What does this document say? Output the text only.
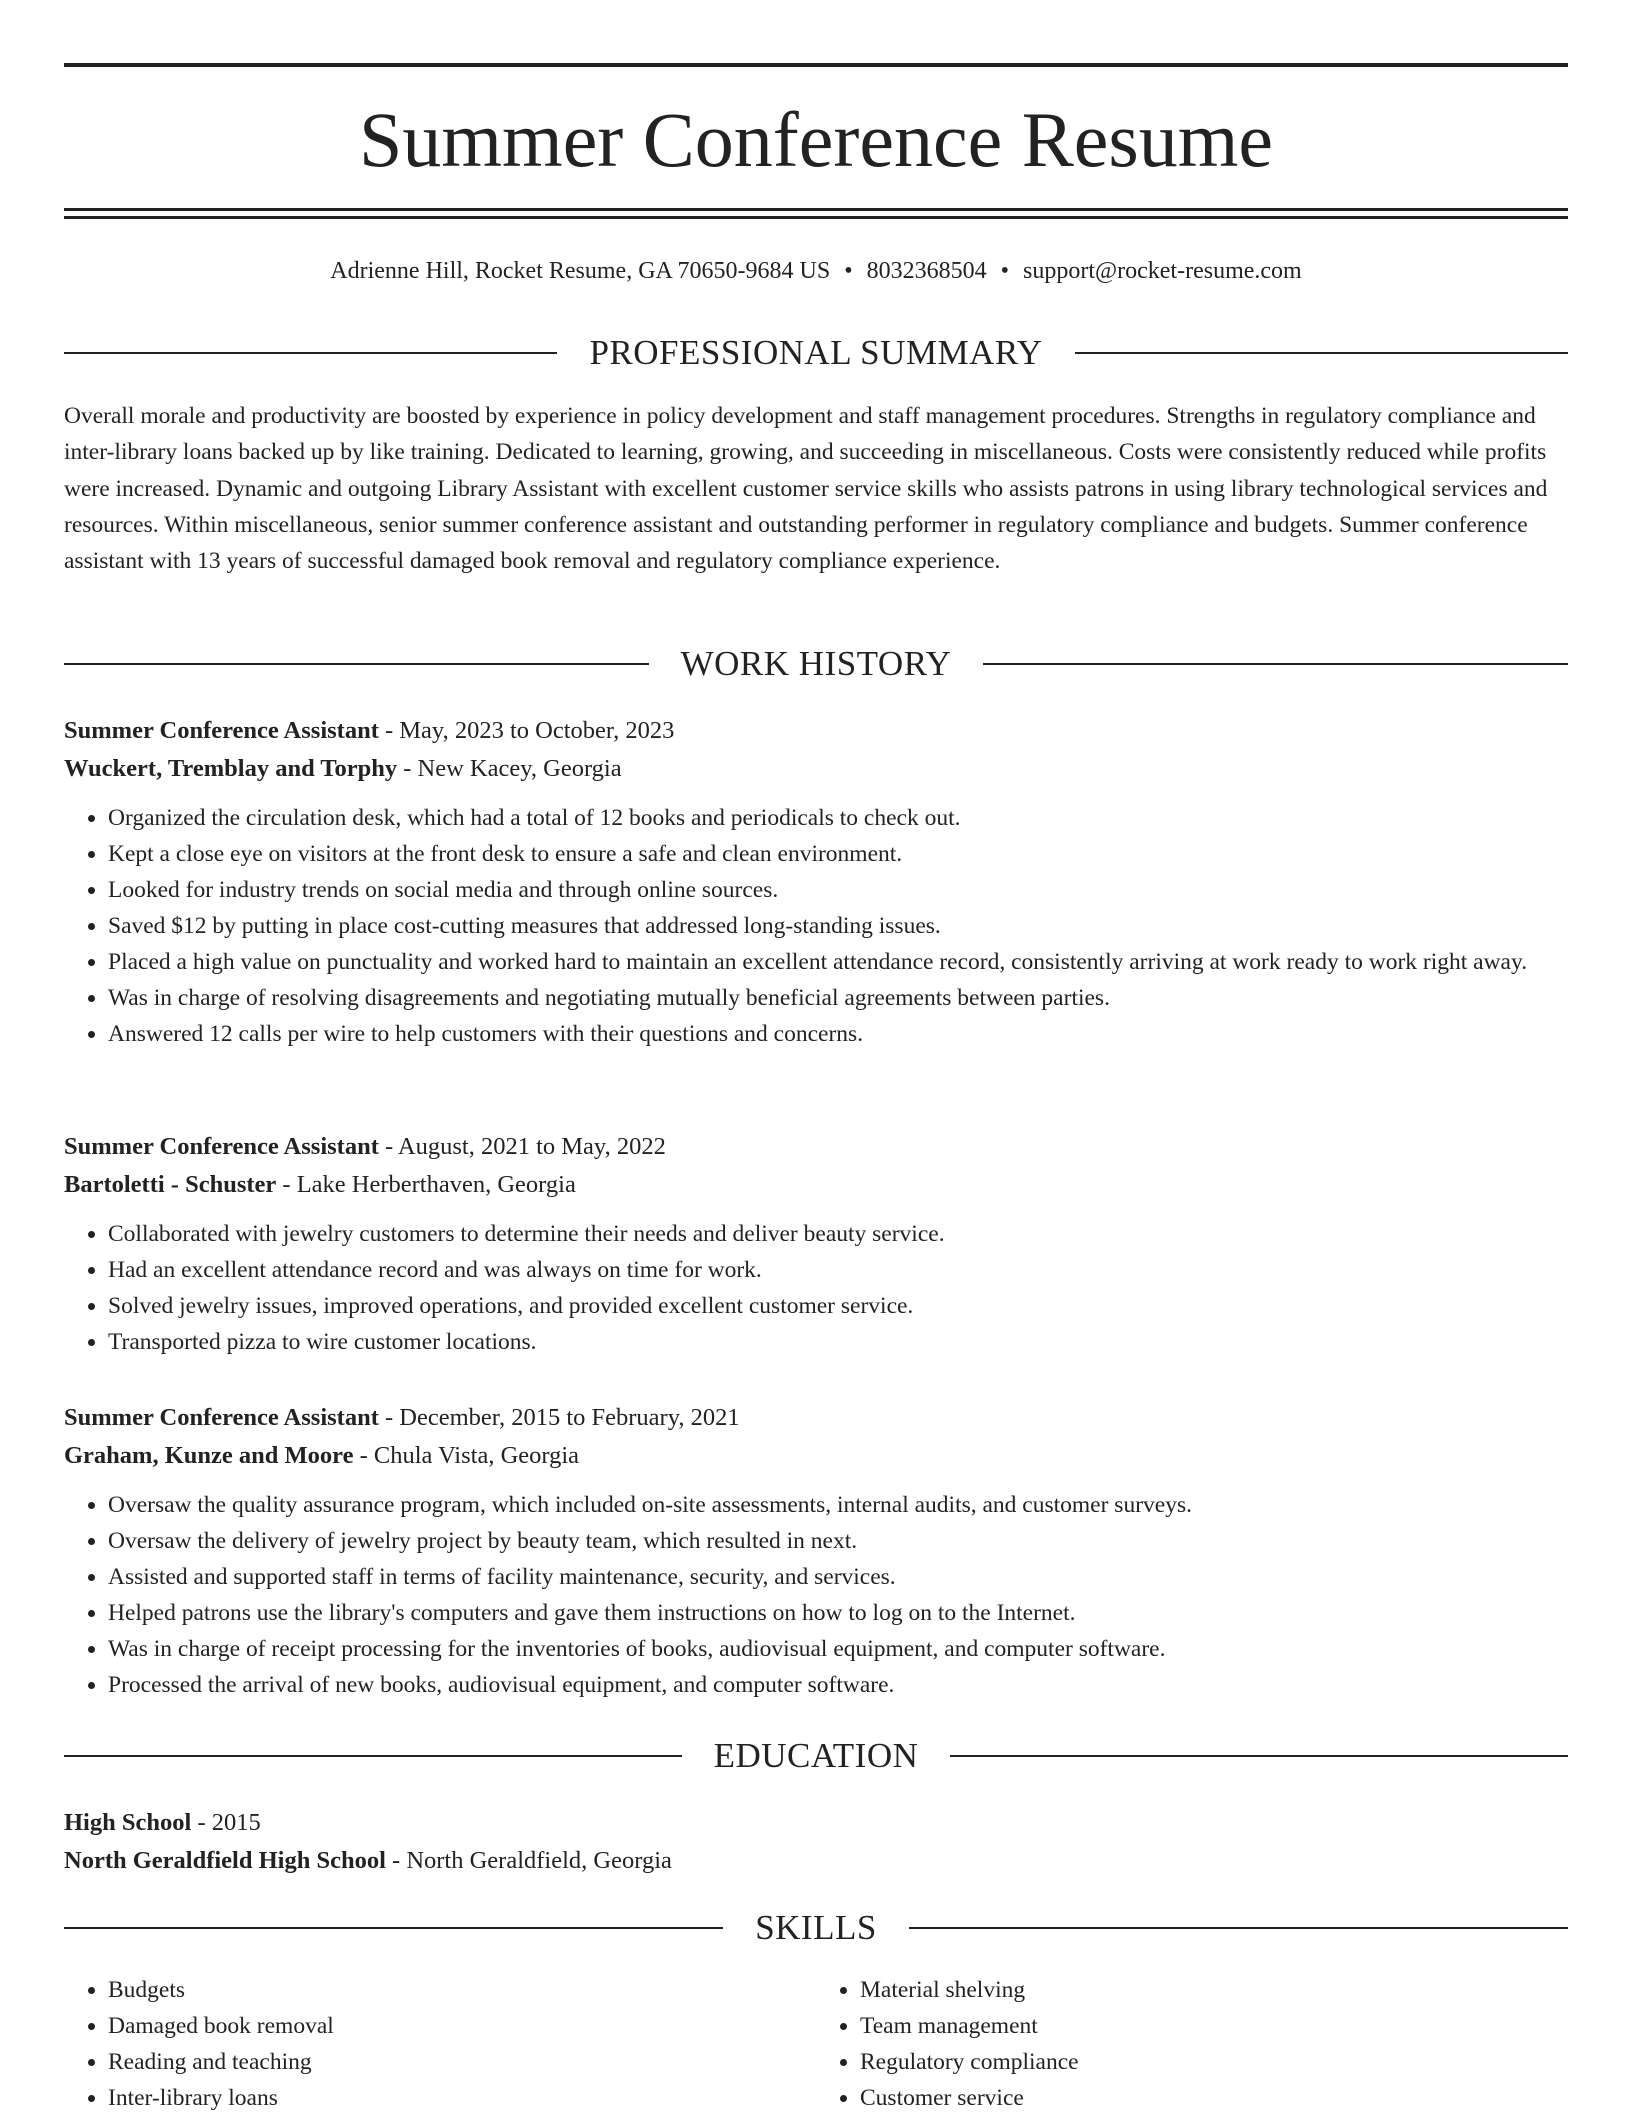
Summer Conference Resume
Adrienne Hill, Rocket Resume, GA 70650-9684 US • 8032368504 • support@rocket-resume.com
PROFESSIONAL SUMMARY

Overall morale and productivity are boosted by experience in policy development and staff management procedures. Strengths in regulatory compliance and inter-library loans backed up by like training. Dedicated to learning, growing, and succeeding in miscellaneous. Costs were consistently reduced while profits were increased. Dynamic and outgoing Library Assistant with excellent customer service skills who assists patrons in using library technological services and resources. Within miscellaneous, senior summer conference assistant and outstanding performer in regulatory compliance and budgets. Summer conference assistant with 13 years of successful damaged book removal and regulatory compliance experience.

WORK HISTORY
Summer Conference Assistant - May, 2023 to October, 2023
Wuckert, Tremblay and Torphy - New Kacey, Georgia
• Organized the circulation desk, which had a total of 12 books and periodicals to check out.
• Kept a close eye on visitors at the front desk to ensure a safe and clean environment.
• Looked for industry trends on social media and through online sources.
• Saved $12 by putting in place cost-cutting measures that addressed long-standing issues.
• Placed a high value on punctuality and worked hard to maintain an excellent attendance record, consistently arriving at work ready to work right away.
• Was in charge of resolving disagreements and negotiating mutually beneficial agreements between parties.
• Answered 12 calls per wire to help customers with their questions and concerns.
Summer Conference Assistant - August, 2021 to May, 2022
Bartoletti - Schuster - Lake Herberthaven, Georgia
• Collaborated with jewelry customers to determine their needs and deliver beauty service.
• Had an excellent attendance record and was always on time for work.
• Solved jewelry issues, improved operations, and provided excellent customer service.
• Transported pizza to wire customer locations.
Summer Conference Assistant - December, 2015 to February, 2021
Graham, Kunze and Moore - Chula Vista, Georgia
• Oversaw the quality assurance program, which included on-site assessments, internal audits, and customer surveys.
• Oversaw the delivery of jewelry project by beauty team, which resulted in next.
• Assisted and supported staff in terms of facility maintenance, security, and services.
• Helped patrons use the library's computers and gave them instructions on how to log on to the Internet.
• Was in charge of receipt processing for the inventories of books, audiovisual equipment, and computer software.
• Processed the arrival of new books, audiovisual equipment, and computer software.
EDUCATION
High School - 2015
North Geraldfield High School - North Geraldfield, Georgia
SKILLS
• Budgets
• Damaged book removal
• Reading and teaching
• Inter-library loans
• Material shelving
• Team management
• Regulatory compliance
• Customer service
